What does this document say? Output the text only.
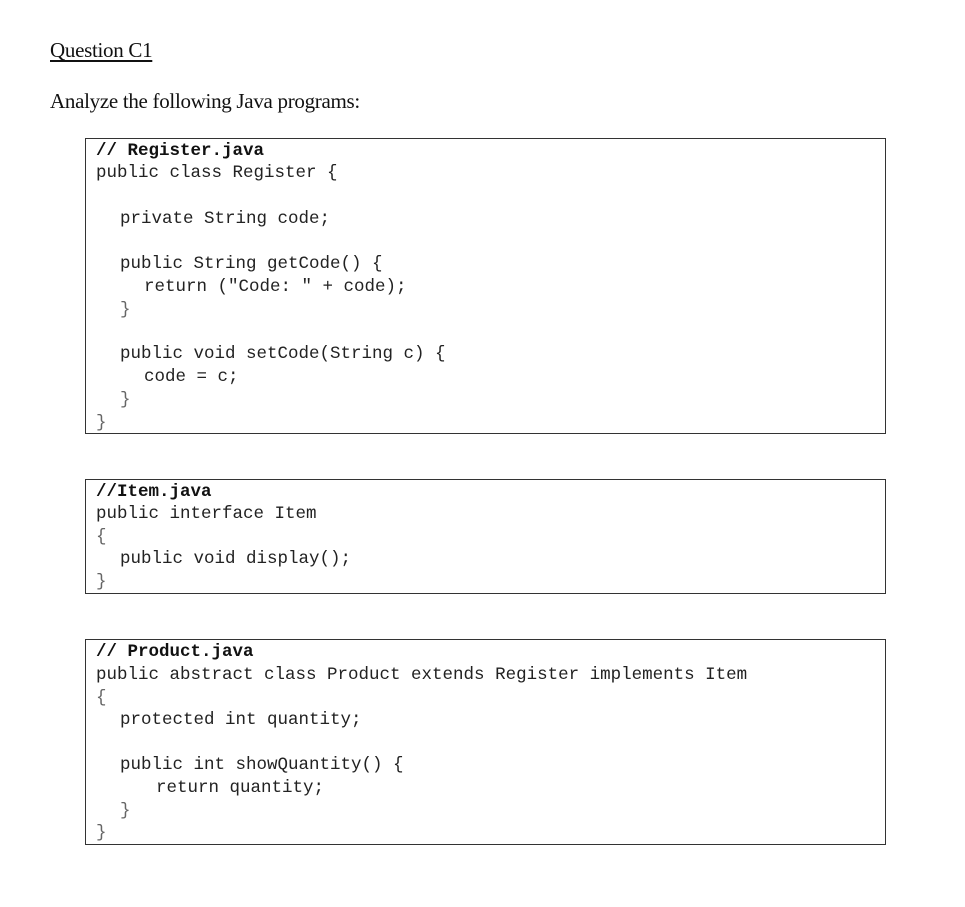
Question C1
Analyze the following Java programs:
// Register.java
public class Register {
private String code;
public String getCode() {
return ("Code: " + code);
}
public void setCode(String c) {
code = c;
}
}
//Item.java
public interface Item
{
public void display();
}
// Product.java
public abstract class Product extends Register implements Item
{
protected int quantity;
public int showQuantity() {
return quantity;
}
}
